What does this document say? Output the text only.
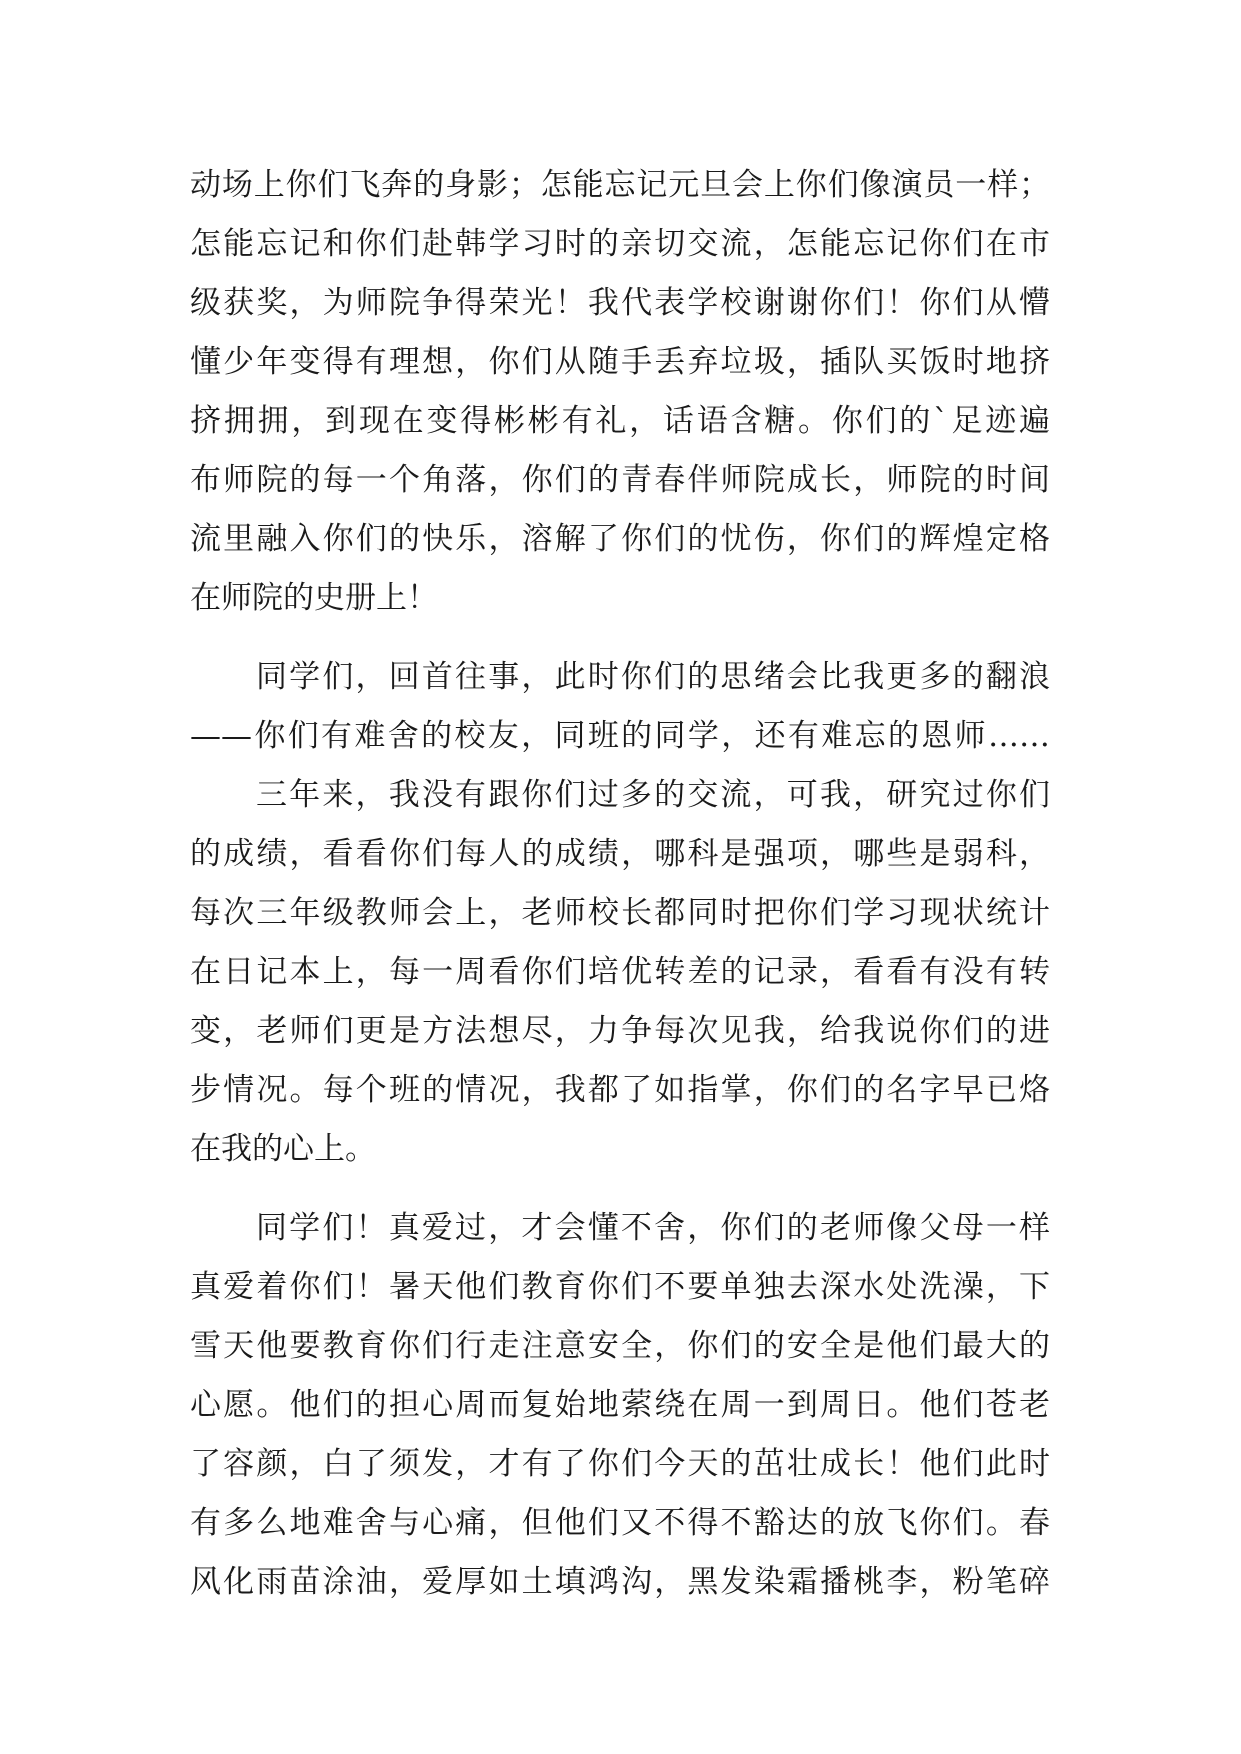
动场上你们飞奔的身影；怎能忘记元旦会上你们像演员一样；
怎能忘记和你们赴韩学习时的亲切交流，怎能忘记你们在市
级获奖，为师院争得荣光！我代表学校谢谢你们！你们从懵
懂少年变得有理想，你们从随手丢弃垃圾，插队买饭时地挤
挤拥拥，到现在变得彬彬有礼，话语含糖。你们的`足迹遍
布师院的每一个角落，你们的青春伴师院成长，师院的时间
流里融入你们的快乐，溶解了你们的忧伤，你们的辉煌定格
在师院的史册上！
同学们，回首往事，此时你们的思绪会比我更多的翻浪
——你们有难舍的校友，同班的同学，还有难忘的恩师……
三年来，我没有跟你们过多的交流，可我，研究过你们
的成绩，看看你们每人的成绩，哪科是强项，哪些是弱科，
每次三年级教师会上，老师校长都同时把你们学习现状统计
在日记本上，每一周看你们培优转差的记录，看看有没有转
变，老师们更是方法想尽，力争每次见我，给我说你们的进
步情况。每个班的情况，我都了如指掌，你们的名字早已烙
在我的心上。
同学们！真爱过，才会懂不舍，你们的老师像父母一样
真爱着你们！暑天他们教育你们不要单独去深水处洗澡，下
雪天他要教育你们行走注意安全，你们的安全是他们最大的
心愿。他们的担心周而复始地萦绕在周一到周日。他们苍老
了容颜，白了须发，才有了你们今天的茁壮成长！他们此时
有多么地难舍与心痛，但他们又不得不豁达的放飞你们。春
风化雨苗涂油，爱厚如土填鸿沟，黑发染霜播桃李，粉笔碎
